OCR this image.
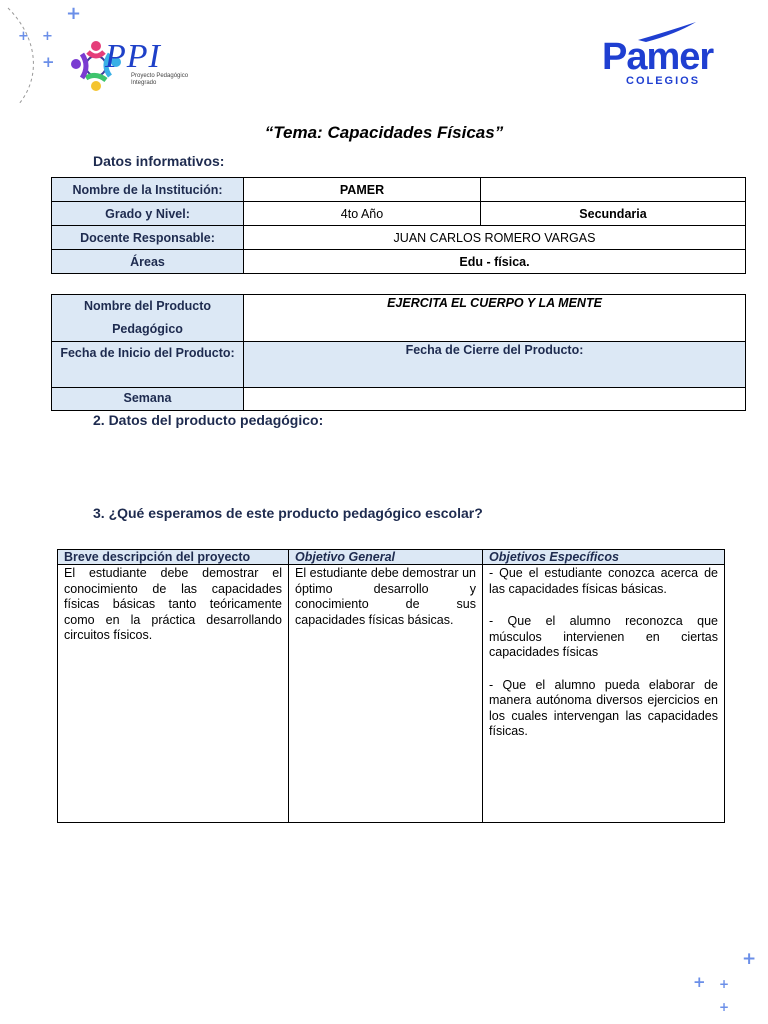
+
+ +
+ PPI
Proyecto Pedagógico Integrado
Pamer
COLEGIOS
“Tema: Capacidades Físicas”
Datos informativos:
Nombre de la Institución:	PAMER	
Grado y Nivel:	4to Año	Secundaria
Docente Responsable:	JUAN CARLOS ROMERO VARGAS	
Áreas	Edu - física.	
Nombre del Producto Pedagógico	EJERCITA EL CUERPO Y LA MENTE
Fecha de Inicio del Producto:	Fecha de Cierre del Producto:
Semana	
2. Datos del producto pedagógico:
3. ¿Qué esperamos de este producto pedagógico escolar?
Breve descripción del proyecto	Objetivo General	Objetivos Específicos

El estudiante debe demostrar el conocimiento de las capacidades físicas básicas tanto teóricamente como en la práctica desarrollando circuitos físicos.	El estudiante debe demostrar un óptimo desarrollo y conocimiento de sus capacidades físicas básicas.	- Que el estudiante conozca acerca de las capacidades físicas básicas.

- Que el alumno reconozca que músculos intervienen en ciertas capacidades físicas

- Que el alumno pueda elaborar de manera autónoma diversos ejercicios en los cuales intervengan las capacidades físicas.

+
+ +
+
